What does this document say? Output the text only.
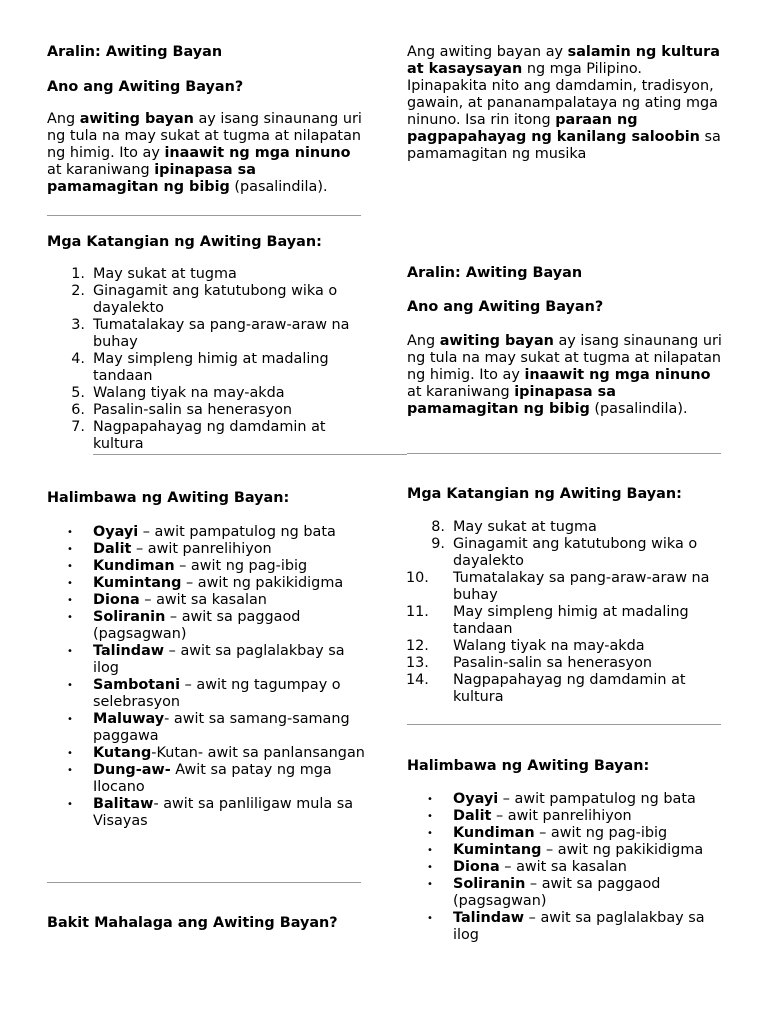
Aralin: Awiting Bayan
Ano ang Awiting Bayan?
Ang awiting bayan ay isang sinaunang uri ng tula na may sukat at tugma at nilapatan ng himig. Ito ay inaawit ng mga ninuno at karaniwang ipinapasa sa pamamagitan ng bibig (pasalindila).
Mga Katangian ng Awiting Bayan:
1. May sukat at tugma
2. Ginagamit ang katutubong wika o dayalekto
3. Tumatalakay sa pang-araw-araw na buhay
4. May simpleng himig at madaling tandaan
5. Walang tiyak na may-akda
6. Pasalin-salin sa henerasyon
7. Nagpapahayag ng damdamin at kultura
Halimbawa ng Awiting Bayan:
• Oyayi – awit pampatulog ng bata
• Dalit – awit panrelihiyon
• Kundiman – awit ng pag-ibig
• Kumintang – awit ng pakikidigma
• Diona – awit sa kasalan
• Soliranin – awit sa paggaod (pagsagwan)
• Talindaw – awit sa paglalakbay sa ilog
• Sambotani – awit ng tagumpay o selebrasyon
• Maluway- awit sa samang-samang paggawa
• Kutang-Kutan- awit sa panlansangan
• Dung-aw- Awit sa patay ng mga Ilocano
• Balitaw- awit sa panliligaw mula sa Visayas
Bakit Mahalaga ang Awiting Bayan?
Ang awiting bayan ay salamin ng kultura at kasaysayan ng mga Pilipino. Ipinapakita nito ang damdamin, tradisyon, gawain, at pananampalataya ng ating mga ninuno. Isa rin itong paraan ng pagpapahayag ng kanilang saloobin sa pamamagitan ng musika
Aralin: Awiting Bayan
Ano ang Awiting Bayan?
Ang awiting bayan ay isang sinaunang uri ng tula na may sukat at tugma at nilapatan ng himig. Ito ay inaawit ng mga ninuno at karaniwang ipinapasa sa pamamagitan ng bibig (pasalindila).
Mga Katangian ng Awiting Bayan:
8. May sukat at tugma
9. Ginagamit ang katutubong wika o dayalekto
10.	Tumatalakay sa pang-araw-araw na buhay
11.	May simpleng himig at madaling tandaan
12.	Walang tiyak na may-akda
13.	Pasalin-salin sa henerasyon
14.	Nagpapahayag ng damdamin at kultura
Halimbawa ng Awiting Bayan:
• Oyayi – awit pampatulog ng bata
• Dalit – awit panrelihiyon
• Kundiman – awit ng pag-ibig
• Kumintang – awit ng pakikidigma
• Diona – awit sa kasalan
• Soliranin – awit sa paggaod (pagsagwan)
• Talindaw – awit sa paglalakbay sa ilog
